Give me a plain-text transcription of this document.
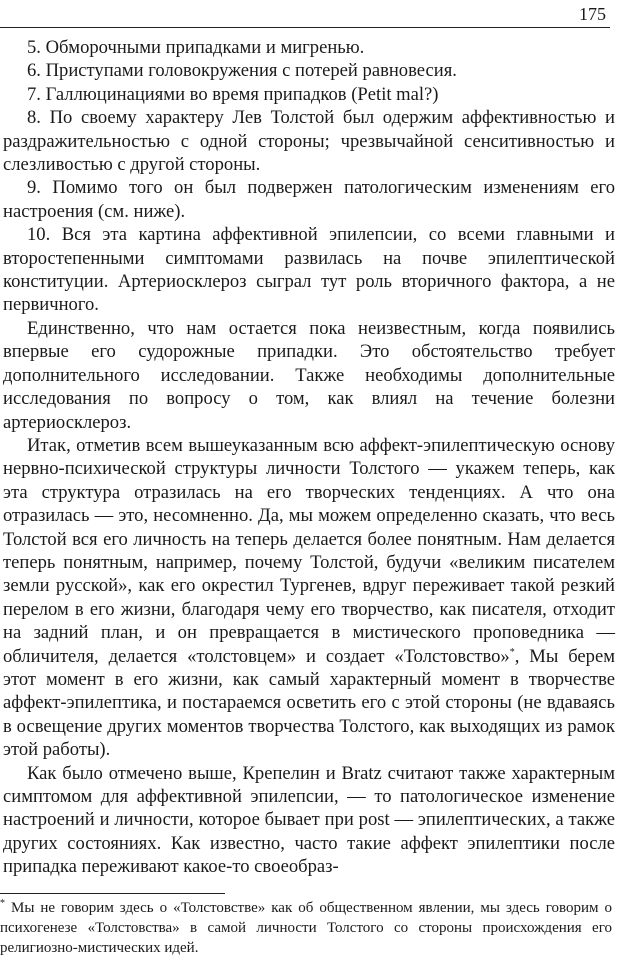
175

5. Обморочными припадками и мигренью.

6. Приступами головокружения с потерей равновесия.

7. Галлюцинациями во время припадков (Petit mal?)

8. По своему характеру Лев Толстой был одержим аффективностью и раздражительностью с одной стороны; чрезвычайной сенситивностью и слезливостью с другой стороны.

9. Помимо того он был подвержен патологическим изменениям его настроения (см. ниже).

10. Вся эта картина аффективной эпилепсии, со всеми главными и второстепенными симптомами развилась на почве эпилептической конституции. Артериосклероз сыграл тут роль вторичного фактора, а не первичного.

Единственно, что нам остается пока неизвестным, когда появились впервые его судорожные припадки. Это обстоятельство требует дополнительного исследовании. Также необходимы дополнительные исследования по вопросу о том, как влиял на течение болезни артериосклероз.

Итак, отметив всем вышеуказанным всю аффект-эпилептическую основу нервно-психической структуры личности Толстого — укажем теперь, как эта структура отразилась на его творческих тенденциях. А что она отразилась — это, несомненно. Да, мы можем определенно сказать, что весь Толстой вся его личность на теперь делается более понятным. Нам делается теперь понятным, например, почему Толстой, будучи «великим писателем земли русской», как его окрестил Тургенев, вдруг переживает такой резкий перелом в его жизни, благодаря чему его творчество, как писателя, отходит на задний план, и он превращается в мистического проповедника — обличителя, делается «толстовцем» и создает «Толстовство»*, Мы берем этот момент в его жизни, как самый характерный момент в творчестве аффект-эпилептика, и постараемся осветить его с этой стороны (не вдаваясь в освещение других моментов творчества Толстого, как выходящих из рамок этой работы).

Как было отмечено выше, Крепелин и Bratz считают также характерным симптомом для аффективной эпилепсии, — то патологическое изменение настроений и личности, которое бывает при post — эпилептических, а также других состояниях. Как известно, часто такие аффект эпилептики после припадка переживают какое-то своеобраз-

* Мы не говорим здесь о «Толстовстве» как об общественном явлении, мы здесь говорим о психогенезе «Толстовства» в самой личности Толстого со стороны происхождения его религиозно-мистических идей.
